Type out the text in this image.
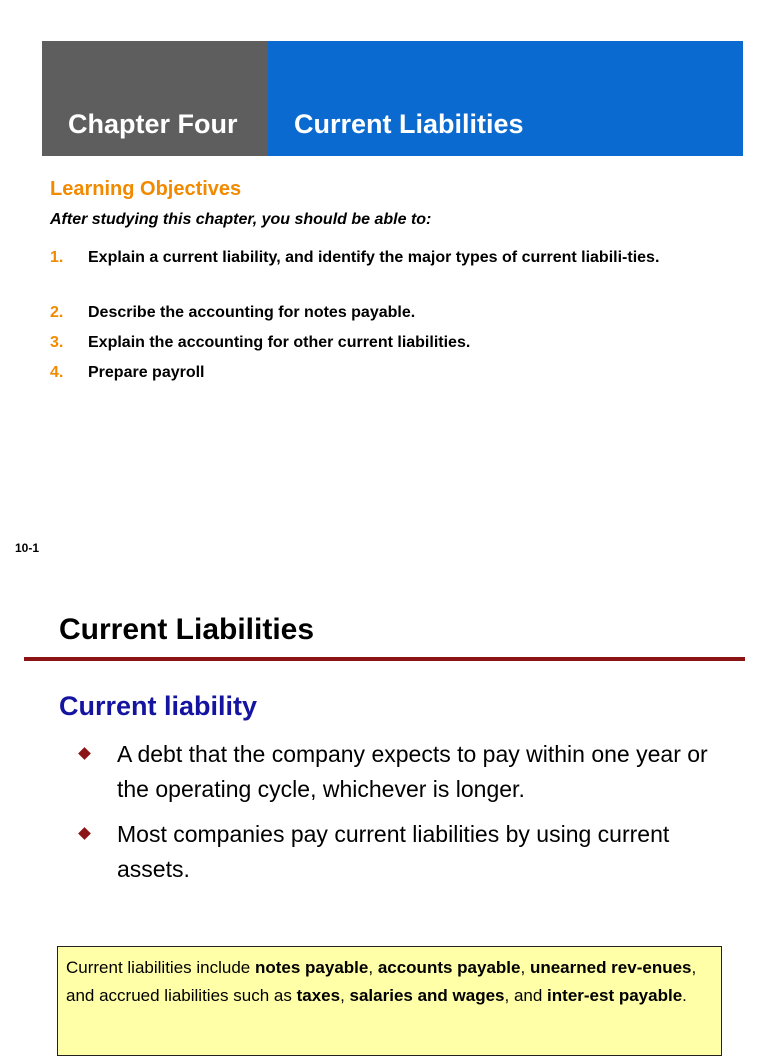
Chapter Four Current Liabilities
Learning Objectives
After studying this chapter, you should be able to:
1. Explain a current liability, and identify the major types of current liabili-ties.
2. Describe the accounting for notes payable.
3. Explain the accounting for other current liabilities.
4. Prepare payroll
10-1
Current Liabilities
Current liability
A debt that the company expects to pay within one year or the operating cycle, whichever is longer.
Most companies pay current liabilities by using current assets.
Current liabilities include notes payable, accounts payable, unearned rev-enues, and accrued liabilities such as taxes, salaries and wages, and inter-est payable.
